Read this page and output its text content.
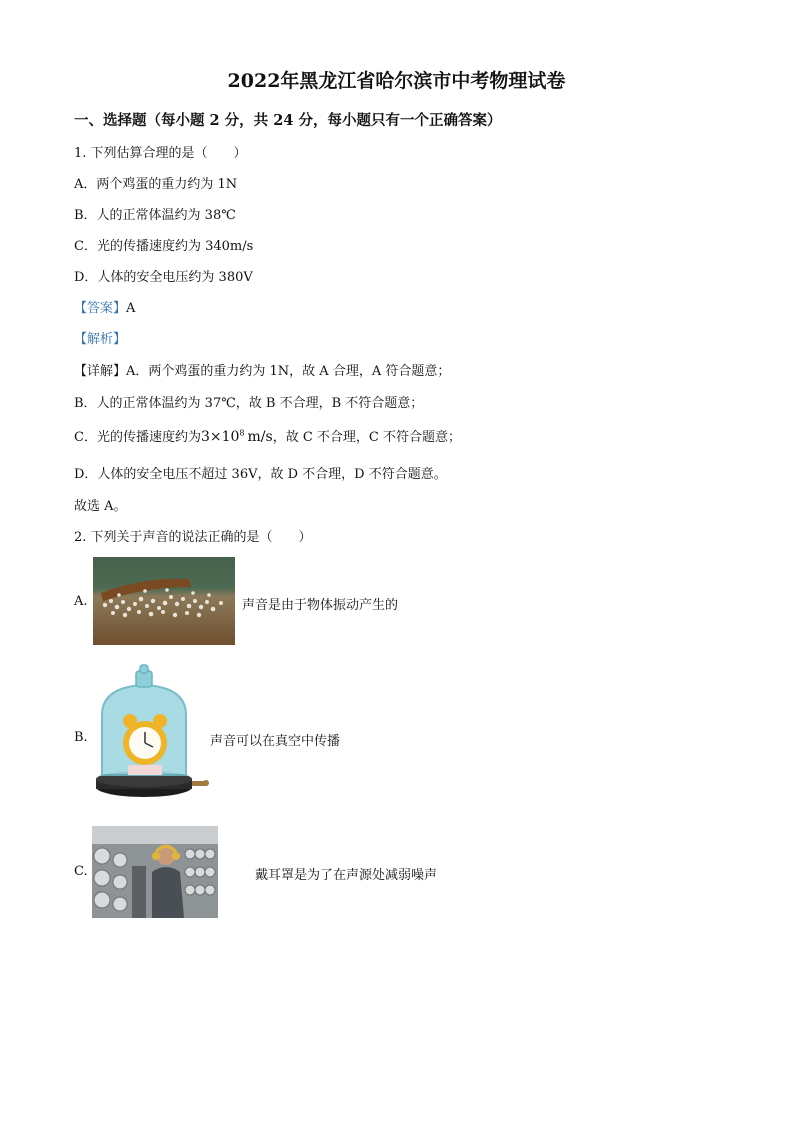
2022年黑龙江省哈尔滨市中考物理试卷
一、选择题（每小题 2 分，共 24 分，每小题只有一个正确答案）
1. 下列估算合理的是（　　）
A．两个鸡蛋的重力约为 1N
B．人的正常体温约为 38℃
C．光的传播速度约为 340m/s
D．人体的安全电压约为 380V
【答案】A
【解析】
【详解】A．两个鸡蛋的重力约为 1N，故 A 合理，A 符合题意；
B．人的正常体温约为 37℃，故 B 不合理，B 不符合题意；
C．光的传播速度约为$3\times 10^8$ m/s，故 C 不合理，C 不符合题意；
D．人体的安全电压不超过 36V，故 D 不合理，D 不符合题意。
故选 A。
2. 下列关于声音的说法正确的是（　　）
A.	声音是由于物体振动产生的
B.	声音可以在真空中传播
C.	戴耳罩是为了在声源处减弱噪声
